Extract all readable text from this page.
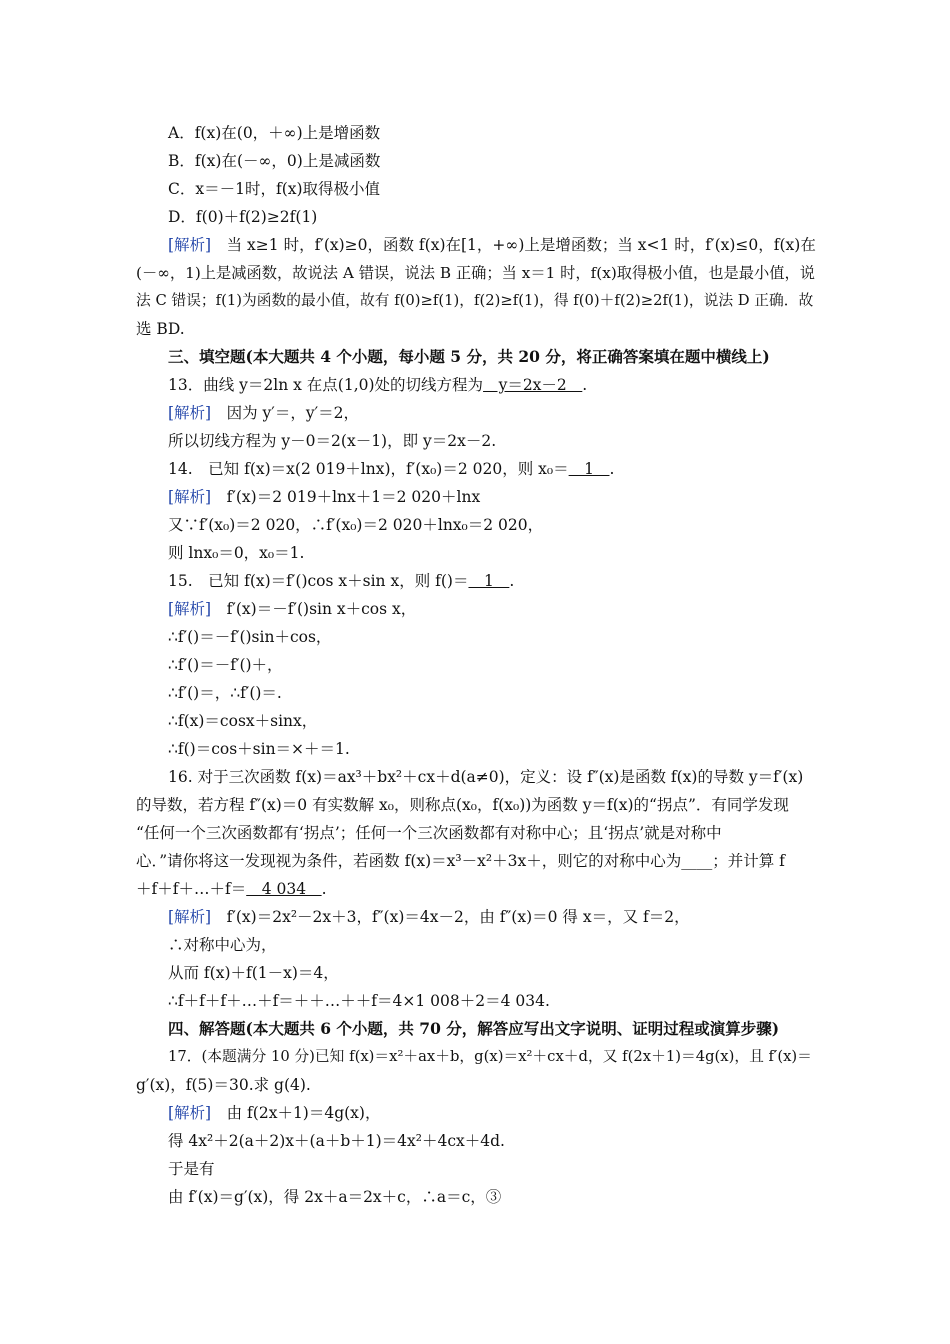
A．f(x)在(0，＋∞)上是增函数
B．f(x)在(－∞，0)上是减函数
C．x＝－1时，f(x)取得极小值
D．f(0)＋f(2)≥2f(1)
[解析]　 当 x≥1 时，f′(x)≥0，函数 f(x)在[1，+∞)上是增函数；当 x<1 时，f′(x)≤0，f(x)在
(－∞，1)上是减函数，故说法 A 错误，说法 B 正确；当 x＝1 时，f(x)取得极小值，也是最小值，说
法 C 错误；f(1)为函数的最小值，故有 f(0)≥f(1)，f(2)≥f(1)，得 f(0)＋f(2)≥2f(1)，说法 D 正确．故
选 BD.
三、填空题(本大题共 4 个小题，每小题 5 分，共 20 分，将正确答案填在题中横线上)
13．曲线 y＝2ln x 在点(1,0)处的切线方程为　y＝2x－2　.
[解析]　 因为 y′＝，y′＝2，
所以切线方程为 y－0＝2(x－1)，即 y＝2x－2.
14.　已知 f(x)＝x(2 019＋lnx)，f′(x₀)＝2 020，则 x₀＝　1　.
[解析]　 f′(x)＝2 019＋lnx＋1＝2 020＋lnx
又∵f′(x₀)＝2 020，∴f′(x₀)＝2 020＋lnx₀＝2 020，
则 lnx₀＝0，x₀＝1.
15.　已知 f(x)＝f′()cos x＋sin x，则 f()＝　1　.
[解析]　 f′(x)＝－f′()sin x＋cos x，
∴f′()＝－f′()sin＋cos，
∴f′()＝－f′()＋，
∴f′()＝，∴f′()＝.
∴f(x)＝cosx＋sinx，
∴f()＝cos＋sin＝×＋＝1.
16. 对于三次函数 f(x)＝ax³＋bx²＋cx＋d(a≠0)，定义：设 f″(x)是函数 f(x)的导数 y＝f′(x)
的导数，若方程 f″(x)＝0 有实数解 x₀，则称点(x₀，f(x₀))为函数 y＝f(x)的“拐点”．有同学发现
“任何一个三次函数都有‘拐点’；任何一个三次函数都有对称中心；且‘拐点’就是对称中
心．”请你将这一发现视为条件，若函数 f(x)＝x³－x²＋3x＋，则它的对称中心为____；并计算 f
＋f＋f＋…＋f＝　4 034　.
[解析]　 f′(x)＝2x²－2x＋3，f″(x)＝4x－2，由 f″(x)＝0 得 x＝，又 f＝2，
∴对称中心为，
从而 f(x)＋f(1－x)＝4，
∴f＋f＋f＋…＋f＝＋＋…＋＋f＝4×1 008＋2＝4 034.
四、解答题(本大题共 6 个小题，共 70 分，解答应写出文字说明、证明过程或演算步骤)
17．(本题满分 10 分)已知 f(x)＝x²＋ax＋b，g(x)＝x²＋cx＋d，又 f(2x＋1)＝4g(x)，且 f′(x)＝
g′(x)，f(5)＝30.求 g(4).
[解析]　 由 f(2x＋1)＝4g(x)，
得 4x²＋2(a＋2)x＋(a＋b＋1)＝4x²＋4cx＋4d.
于是有
由 f′(x)＝g′(x)，得 2x＋a＝2x＋c，∴a＝c，③
